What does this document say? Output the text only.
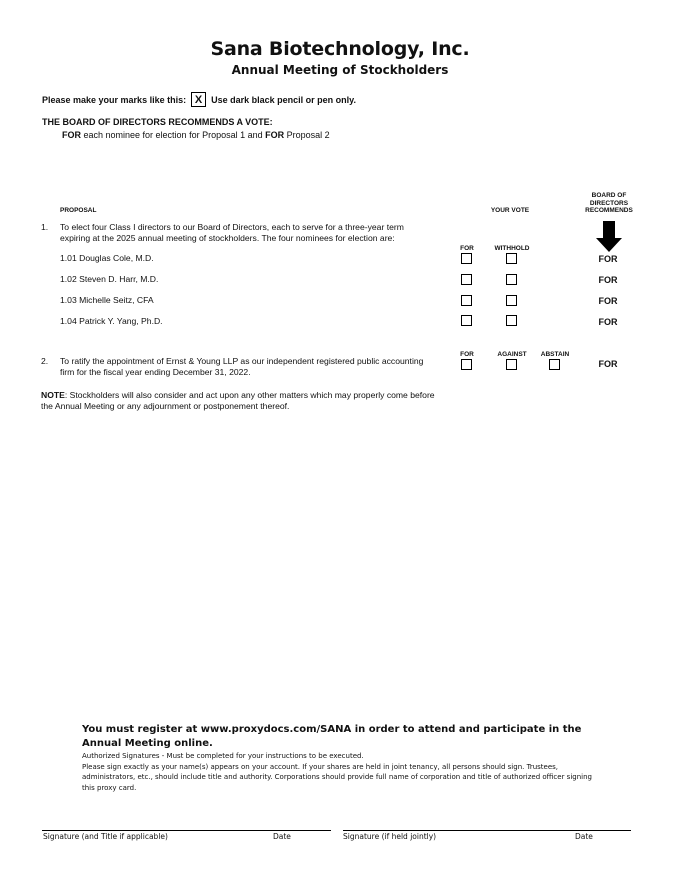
Sana Biotechnology, Inc.
Annual Meeting of Stockholders
Please make your marks like this: X Use dark black pencil or pen only.
THE BOARD OF DIRECTORS RECOMMENDS A VOTE:
FOR each nominee for election for Proposal 1 and FOR Proposal 2
PROPOSAL	YOUR VOTE
BOARD OF
DIRECTORS
RECOMMENDS
1. To elect four Class I directors to our Board of Directors, each to serve for a three-year term
expiring at the 2025 annual meeting of stockholders. The four nominees for election are:
FOR	WITHHOLD
1.01 Douglas Cole, M.D.	FOR
1.02 Steven D. Harr, M.D.	FOR
1.03 Michelle Seitz, CFA	FOR
1.04 Patrick Y. Yang, Ph.D.	FOR
FOR	AGAINST	ABSTAIN
2. To ratify the appointment of Ernst & Young LLP as our independent registered public accounting
firm for the fiscal year ending December 31, 2022.
FOR
NOTE: Stockholders will also consider and act upon any other matters which may properly come before the Annual Meeting or any adjournment or postponement thereof.
You must register at www.proxydocs.com/SANA in order to attend and participate in the Annual Meeting online.
Authorized Signatures - Must be completed for your instructions to be executed.
Please sign exactly as your name(s) appears on your account. If your shares are held in joint tenancy, all persons should sign. Trustees, administrators, etc., should include title and authority. Corporations should provide full name of corporation and title of authorized officer signing this proxy card.
Signature (and Title if applicable)	Date	Signature (if held jointly)	Date
